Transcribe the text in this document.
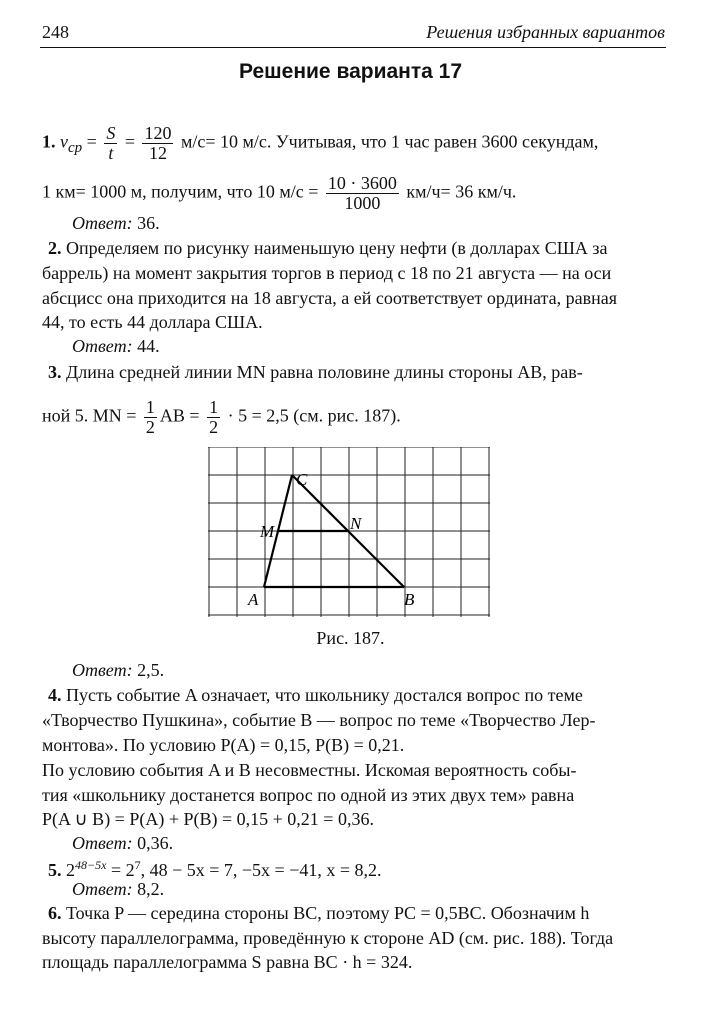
248	Решения избранных вариантов
Решение варианта 17
1. $v_{ср} = \frac{S}{t} = \frac{120}{12} м/с= 10$ м/с. Учитывая, что 1 час равен 3600 секундам,
1 км= 1000 м, получим, что 10 $м/с = \frac{10 \cdot 3600}{1000} км/ч= 36$ км/ч.
Ответ: 36.
2. Определяем по рисунку наименьшую цену нефти (в долларах США за
баррель) на момент закрытия торгов в период с 18 по 21 августа — на оси
абсцисс она приходится на 18 августа, а ей соответствует ордината, равная
44, то есть 44 доллара США.
Ответ: 44.
3. Длина средней линии MN равна половине длины стороны AB, рав-
ной 5. MN = $\frac{1}{2}$ AB = $\frac{1}{2} \cdot 5 = 2,5$ (см. рис. 187).
A	B
C
M	N
Рис. 187.
Ответ: 2,5.
4. Пусть событие A означает, что школьнику достался вопрос по теме
«Творчество Пушкина», событие B — вопрос по теме «Творчество Лер-
монтова». По условию P(A) = 0,15, P(B) = 0,21.
По условию события A и B несовместны. Искомая вероятность собы-
тия «школьнику достанется вопрос по одной из этих двух тем» равна
P(A ∪ B) = P(A) + P(B) = 0,15 + 0,21 = 0,36.
Ответ: 0,36.
5. $2^{48-5x} = 2^7$, 48 − 5x = 7, −5x = −41, x = 8,2.
Ответ: 8,2.
6. Точка P — середина стороны BC, поэтому PC = 0,5BC. Обозначим h
высоту параллелограмма, проведённую к стороне AD (см. рис. 188). Тогда
площадь параллелограмма S равна BC · h = 324.
